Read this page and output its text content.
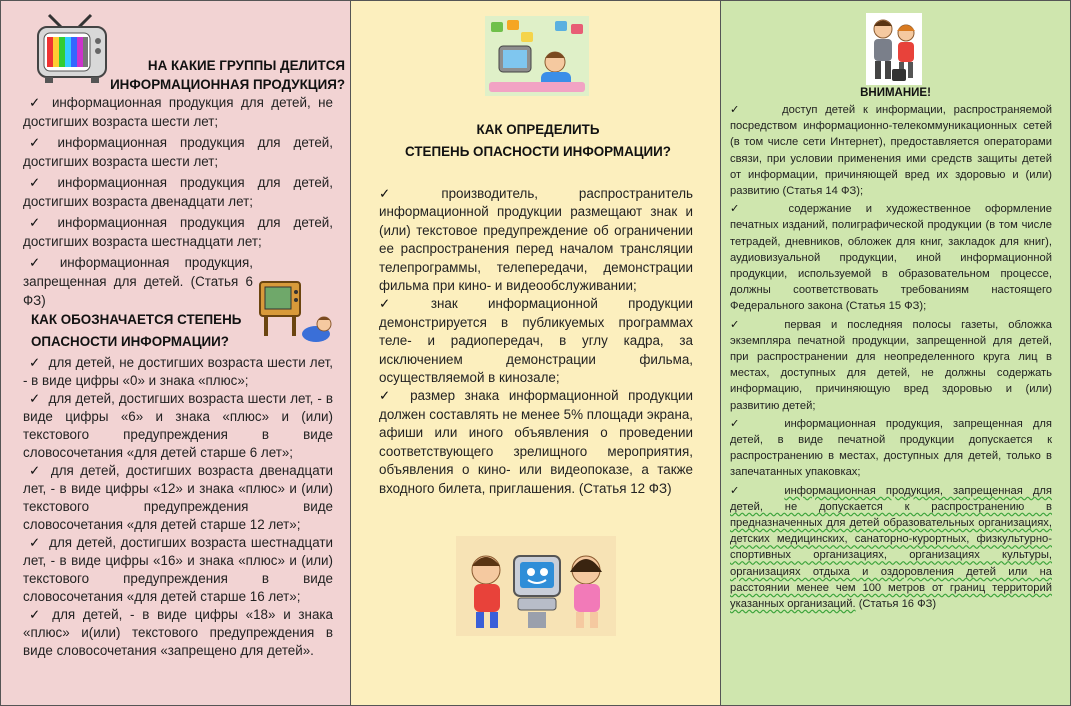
НА КАКИЕ ГРУППЫ ДЕЛИТСЯ ИНФОРМАЦИОННАЯ ПРОДУКЦИЯ?
✓ информационная продукция для детей, не достигших возраста шести лет;
✓ информационная продукция для детей, достигших возраста шести лет;
✓ информационная продукция для детей, достигших возраста двенадцати лет;
✓ информационная продукция для детей, достигших возраста шестнадцати лет;
✓ информационная продукция, запрещенная для детей. (Статья 6 ФЗ)
КАК ОБОЗНАЧАЕТСЯ СТЕПЕНЬ ОПАСНОСТИ ИНФОРМАЦИИ?
✓ для детей, не достигших возраста шести лет, - в виде цифры «0» и знака «плюс»;
✓ для детей, достигших возраста шести лет, - в виде цифры «6» и знака «плюс» и (или) текстового предупреждения в виде словосочетания «для детей старше 6 лет»;
✓ для детей, достигших возраста двенадцати лет, - в виде цифры «12» и знака «плюс» и (или) текстового предупреждения виде словосочетания «для детей старше 12 лет»;
✓ для детей, достигших возраста шестнадцати лет, - в виде цифры «16» и знака «плюс» и (или) текстового предупреждения в виде словосочетания «для детей старше 16 лет»;
✓ для детей, - в виде цифры «18» и знака «плюс» и(или) текстового предупреждения в виде словосочетания «запрещено для детей».
КАК ОПРЕДЕЛИТЬ
СТЕПЕНЬ ОПАСНОСТИ ИНФОРМАЦИИ?
✓ производитель, распространитель информационной продукции размещают знак и (или) текстовое предупреждение об ограничении ее распространения перед началом трансляции телепрограммы, телепередачи, демонстрации фильма при кино- и видеообслуживании;
✓ знак информационной продукции демонстрируется в публикуемых программах теле- и радиопередач, в углу кадра, за исключением демонстрации фильма, осуществляемой в кинозале;
✓ размер знака информационной продукции должен составлять не менее 5% площади экрана, афиши или иного объявления о проведении соответствующего зрелищного мероприятия, объявления о кино- или видеопоказе, а также входного билета, приглашения. (Статья 12 ФЗ)
ВНИМАНИЕ!
✓	доступ детей к информации, распространяемой посредством информационно-телекоммуникационных сетей (в том числе сети Интернет), предоставляется операторами связи, при условии применения ими средств защиты детей от информации, причиняющей вред их здоровью и (или) развитию (Статья 14 ФЗ);
✓	содержание и художественное оформление печатных изданий, полиграфической продукции (в том числе тетрадей, дневников, обложек для книг, закладок для книг), аудиовизуальной продукции, иной информационной продукции, используемой в образовательном процессе, должны соответствовать требованиям настоящего Федерального закона (Статья 15 ФЗ);
✓	первая и последняя полосы газеты, обложка экземпляра печатной продукции, запрещенной для детей, при распространении для неопределенного круга лиц в местах, доступных для детей, не должны содержать информацию, причиняющую вред здоровью и (или) развитию детей;
✓	информационная продукция, запрещенная для детей, в виде печатной продукции допускается к распространению в местах, доступных для детей, только в запечатанных упаковках;
✓	информационная продукция, запрещенная для детей, не допускается к распространению в предназначенных для детей образовательных организациях, детских медицинских, санаторно-курортных, физкультурно-спортивных организациях, организациях культуры, организациях отдыха и оздоровления детей или на расстоянии менее чем 100 метров от границ территорий указанных организаций. (Статья 16 ФЗ)
